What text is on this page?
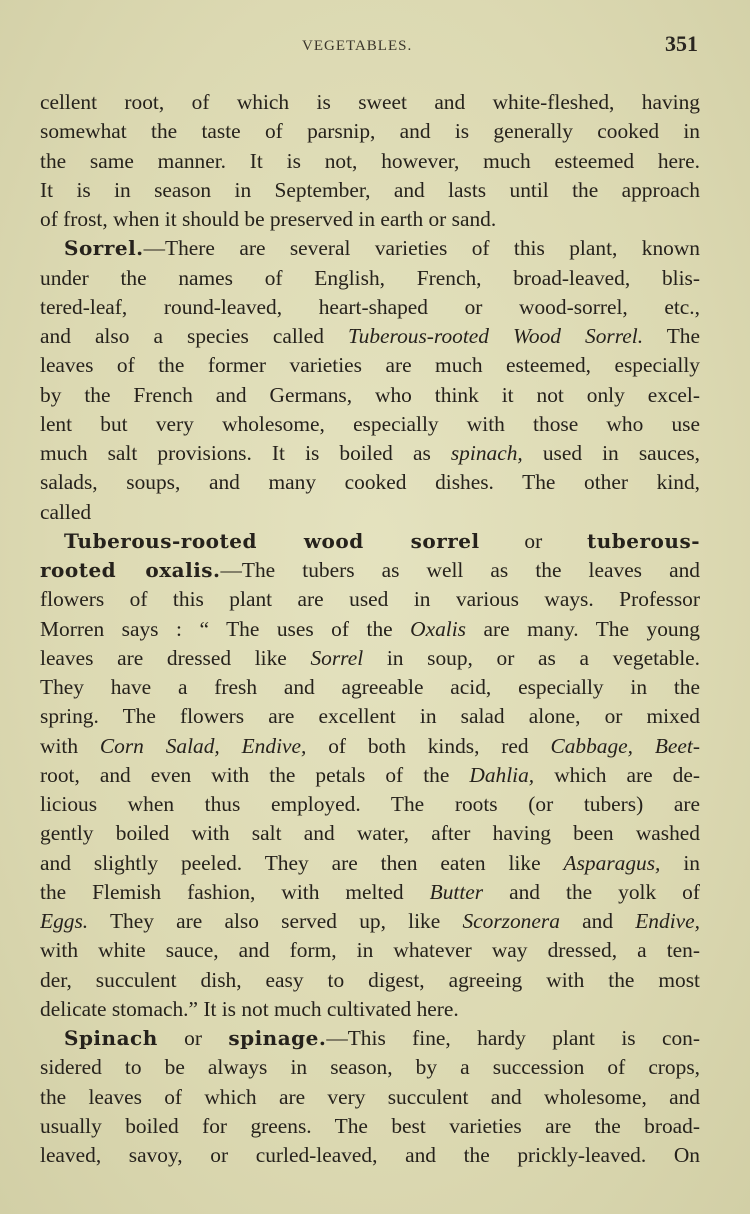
VEGETABLES.	351
cellent root, of which is sweet and white-fleshed, having
somewhat the taste of parsnip, and is generally cooked in
the same manner. It is not, however, much esteemed here.
It is in season in September, and lasts until the approach
of frost, when it should be preserved in earth or sand.
Sorrel.—There are several varieties of this plant, known
under the names of English, French, broad-leaved, blis-
tered-leaf, round-leaved, heart-shaped or wood-sorrel, etc.,
and also a species called Tuberous-rooted Wood Sorrel. The
leaves of the former varieties are much esteemed, especially
by the French and Germans, who think it not only excel-
lent but very wholesome, especially with those who use
much salt provisions. It is boiled as spinach, used in sauces,
salads, soups, and many cooked dishes. The other kind,
called
Tuberous-rooted wood sorrel or tuberous-
rooted oxalis.—The tubers as well as the leaves and
flowers of this plant are used in various ways. Professor
Morren says : “ The uses of the Oxalis are many. The young
leaves are dressed like Sorrel in soup, or as a vegetable.
They have a fresh and agreeable acid, especially in the
spring. The flowers are excellent in salad alone, or mixed
with Corn Salad, Endive, of both kinds, red Cabbage, Beet-
root, and even with the petals of the Dahlia, which are de-
licious when thus employed. The roots (or tubers) are
gently boiled with salt and water, after having been washed
and slightly peeled. They are then eaten like Asparagus, in
the Flemish fashion, with melted Butter and the yolk of
Eggs. They are also served up, like Scorzonera and Endive,
with white sauce, and form, in whatever way dressed, a ten-
der, succulent dish, easy to digest, agreeing with the most
delicate stomach.” It is not much cultivated here.
Spinach or spinage.—This fine, hardy plant is con-
sidered to be always in season, by a succession of crops,
the leaves of which are very succulent and wholesome, and
usually boiled for greens. The best varieties are the broad-
leaved, savoy, or curled-leaved, and the prickly-leaved. On
